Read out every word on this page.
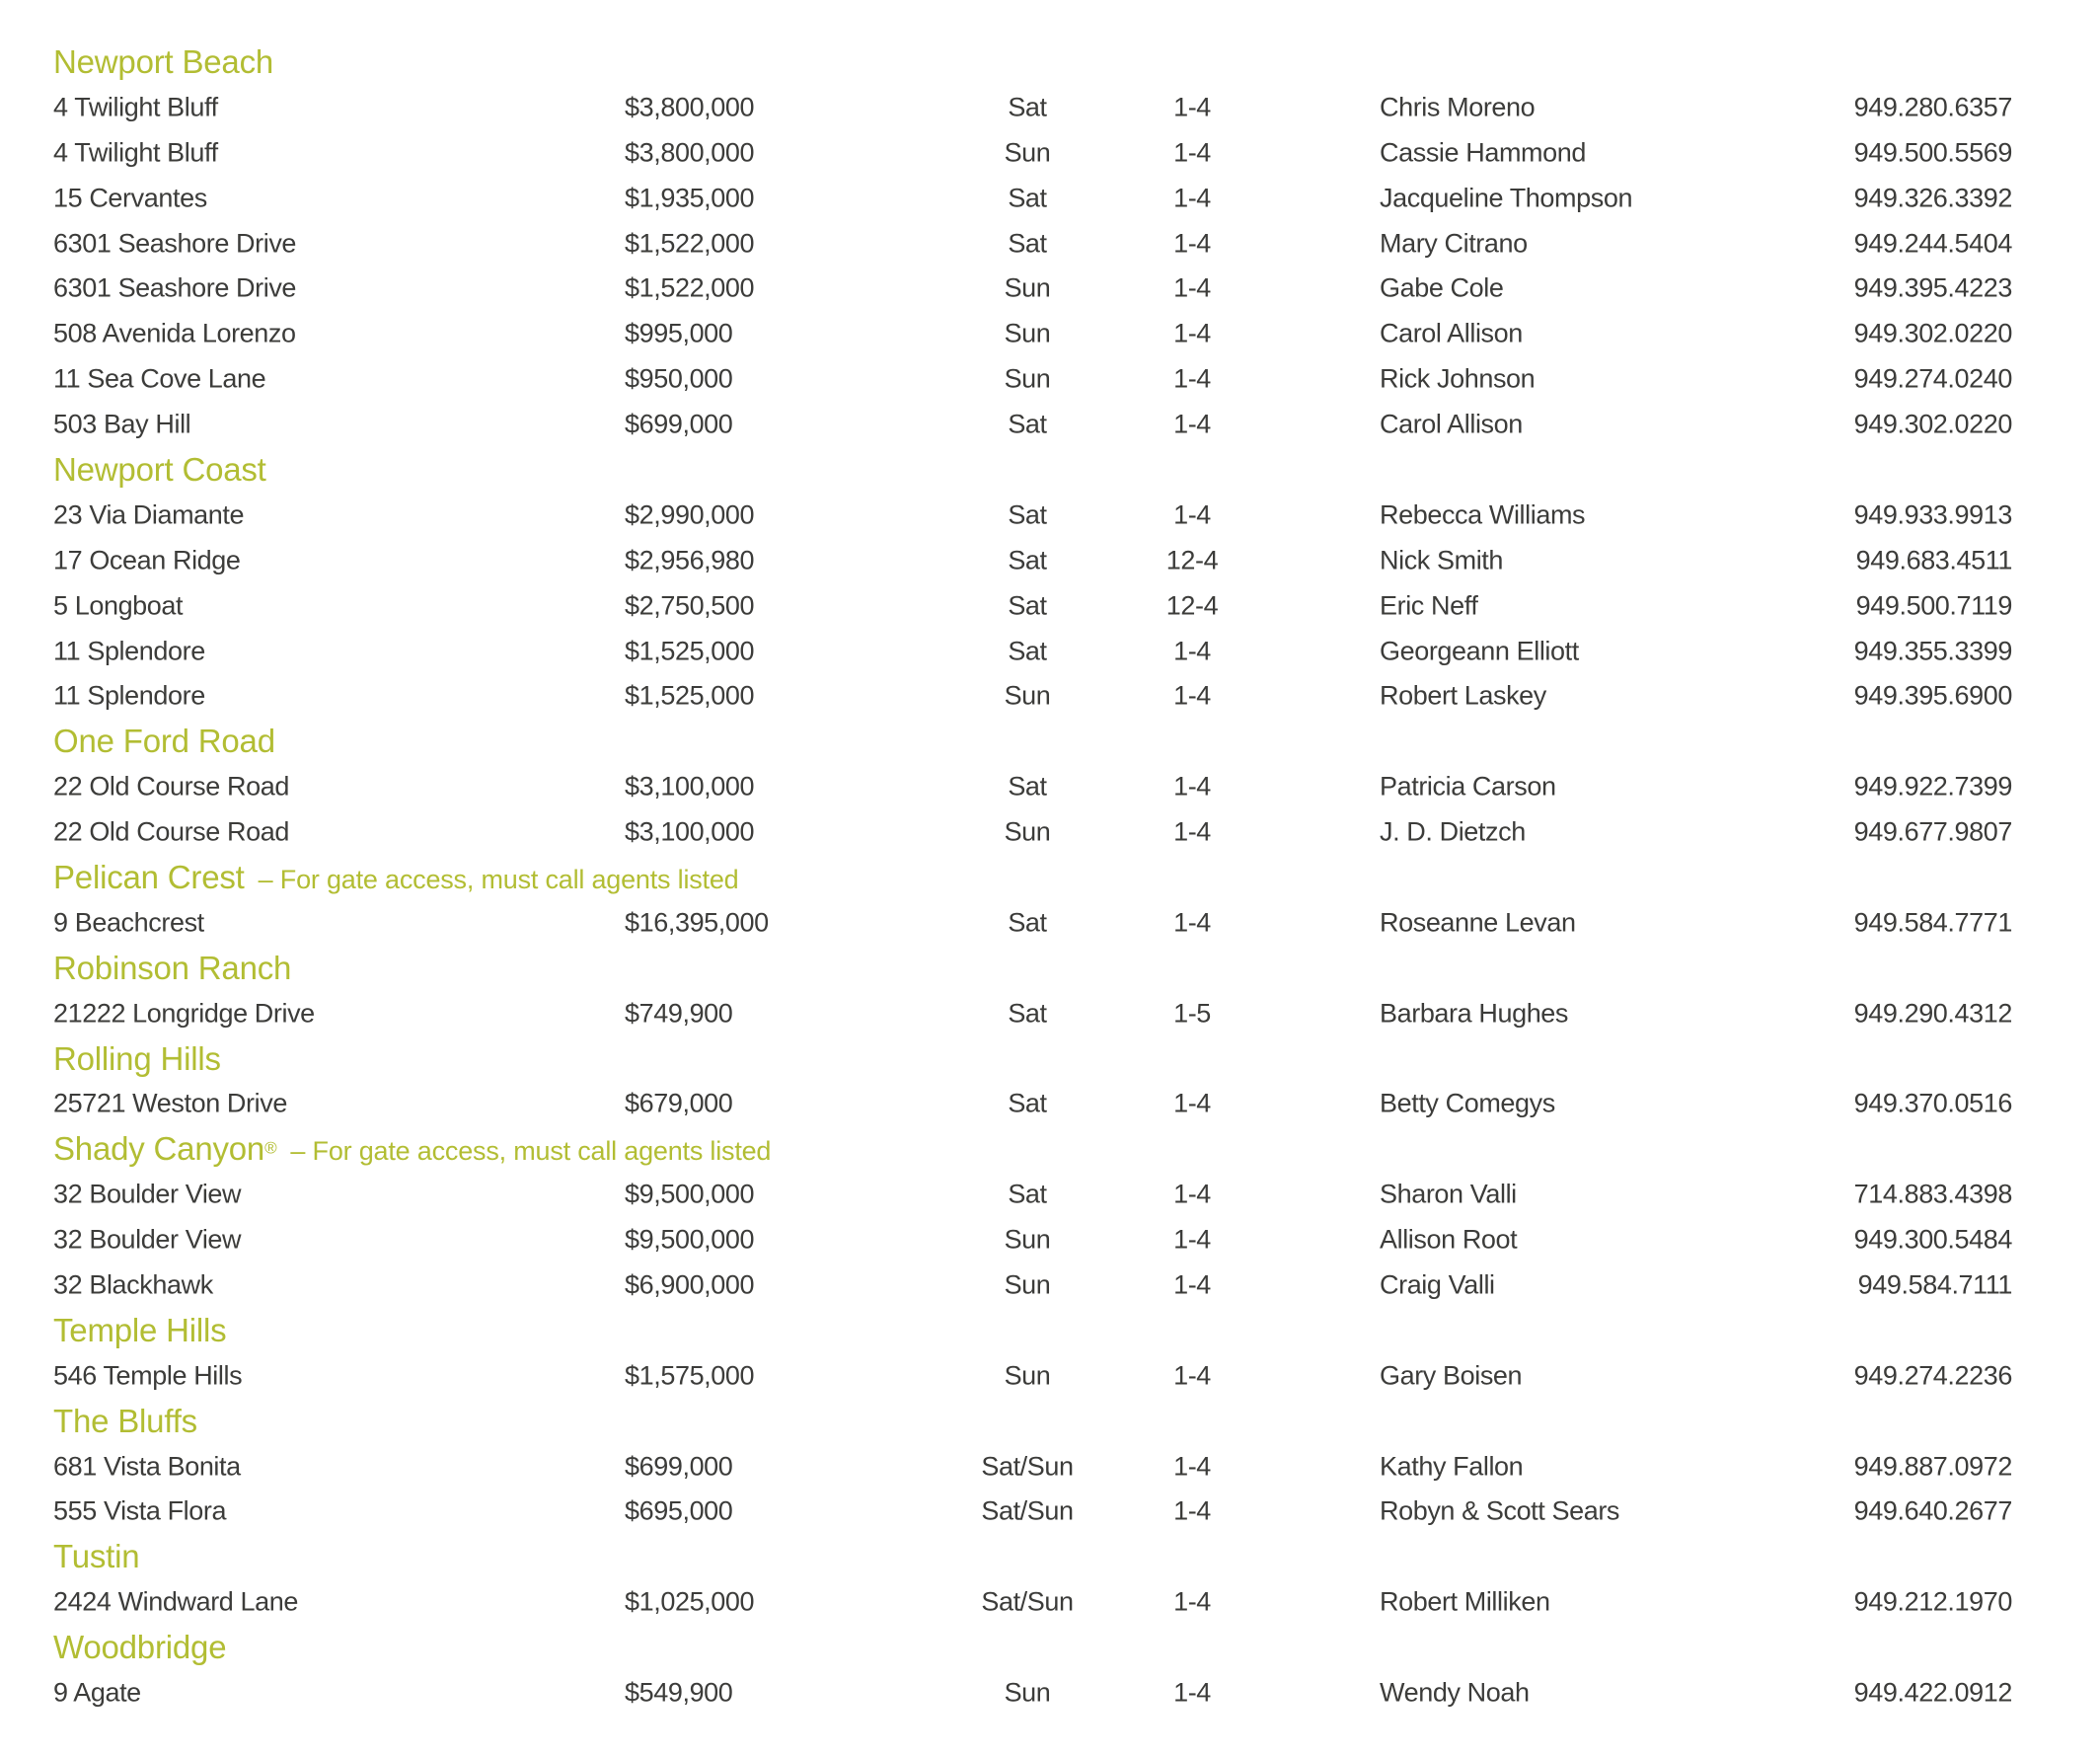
Newport Beach
4 Twilight Bluff	$3,800,000	Sat	1-4	Chris Moreno	949.280.6357
4 Twilight Bluff	$3,800,000	Sun	1-4	Cassie Hammond	949.500.5569
15 Cervantes	$1,935,000	Sat	1-4	Jacqueline Thompson	949.326.3392
6301 Seashore Drive	$1,522,000	Sat	1-4	Mary Citrano	949.244.5404
6301 Seashore Drive	$1,522,000	Sun	1-4	Gabe Cole	949.395.4223
508 Avenida Lorenzo	$995,000	Sun	1-4	Carol Allison	949.302.0220
11 Sea Cove Lane	$950,000	Sun	1-4	Rick Johnson	949.274.0240
503 Bay Hill	$699,000	Sat	1-4	Carol Allison	949.302.0220
Newport Coast
23 Via Diamante	$2,990,000	Sat	1-4	Rebecca Williams	949.933.9913
17 Ocean Ridge	$2,956,980	Sat	12-4	Nick Smith	949.683.4511
5 Longboat	$2,750,500	Sat	12-4	Eric Neff	949.500.7119
11 Splendore	$1,525,000	Sat	1-4	Georgeann Elliott	949.355.3399
11 Splendore	$1,525,000	Sun	1-4	Robert Laskey	949.395.6900
One Ford Road
22 Old Course Road	$3,100,000	Sat	1-4	Patricia Carson	949.922.7399
22 Old Course Road	$3,100,000	Sun	1-4	J. D. Dietzch	949.677.9807
Pelican Crest – For gate access, must call agents listed
9 Beachcrest	$16,395,000	Sat	1-4	Roseanne Levan	949.584.7771
Robinson Ranch
21222 Longridge Drive	$749,900	Sat	1-5	Barbara Hughes	949.290.4312
Rolling Hills
25721 Weston Drive	$679,000	Sat	1-4	Betty Comegys	949.370.0516
Shady Canyon® – For gate access, must call agents listed
32 Boulder View	$9,500,000	Sat	1-4	Sharon Valli	714.883.4398
32 Boulder View	$9,500,000	Sun	1-4	Allison Root	949.300.5484
32 Blackhawk	$6,900,000	Sun	1-4	Craig Valli	949.584.7111
Temple Hills
546 Temple Hills	$1,575,000	Sun	1-4	Gary Boisen	949.274.2236
The Bluffs
681 Vista Bonita	$699,000	Sat/Sun	1-4	Kathy Fallon	949.887.0972
555 Vista Flora	$695,000	Sat/Sun	1-4	Robyn & Scott Sears	949.640.2677
Tustin
2424 Windward Lane	$1,025,000	Sat/Sun	1-4	Robert Milliken	949.212.1970
Woodbridge
9 Agate	$549,900	Sun	1-4	Wendy Noah	949.422.0912
